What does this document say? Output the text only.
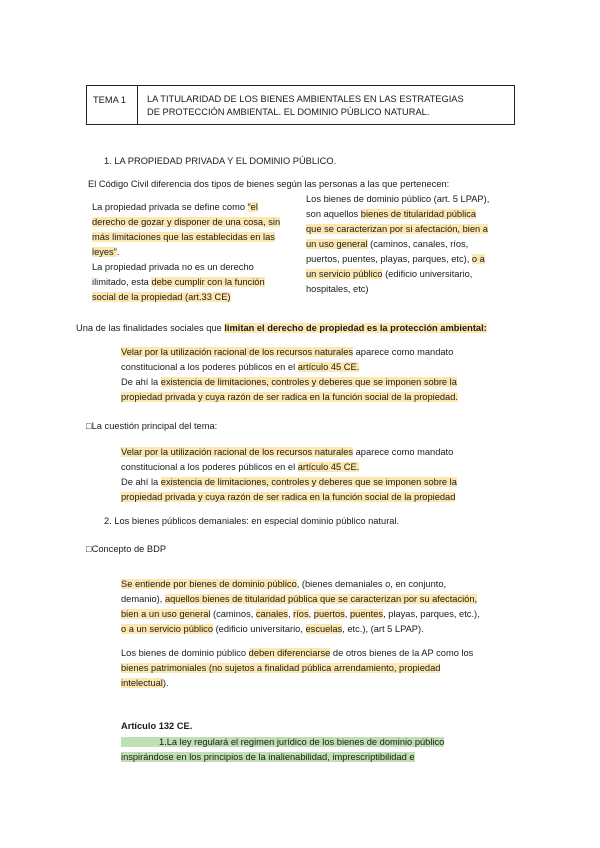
TEMA 1 LA TITULARIDAD DE LOS BIENES AMBIENTALES EN LAS ESTRATEGIAS
DE PROTECCIÓN AMBIENTAL. EL DOMINIO PÚBLICO NATURAL.
1. LA PROPIEDAD PRIVADA Y EL DOMINIO PÚBLICO.
El Código Civil diferencia dos tipos de bienes según las personas a las que pertenecen:
La propiedad privada se define como “el
derecho de gozar y disponer de una cosa, sin
más limitaciones que las establecidas en las
leyes”.
La propiedad privada no es un derecho
ilimitado, esta debe cumplir con la función
social de la propiedad (art.33 CE)
Los bienes de dominio público (art. 5 LPAP),
son aquellos bienes de titularidad pública
que se caracterizan por si afectación, bien a
un uso general (caminos, canales, ríos,
puertos, puentes, playas, parques, etc), o a
un servicio público (edificio universitario,
hospitales, etc)
Una de las finalidades sociales que limitan el derecho de propiedad es la protección ambiental:
Velar por la utilización racional de los recursos naturales aparece como mandato
constitucional a los poderes públicos en el artículo 45 CE.
De ahí la existencia de limitaciones, controles y deberes que se imponen sobre la
propiedad privada y cuya razón de ser radica en la función social de la propiedad.
□La cuestión principal del tema:
Velar por la utilización racional de los recursos naturales aparece como mandato
constitucional a los poderes públicos en el artículo 45 CE.
De ahí la existencia de limitaciones, controles y deberes que se imponen sobre la
propiedad privada y cuya razón de ser radica en la función social de la propiedad
2. Los bienes públicos demaniales: en especial dominio público natural.
□Concepto de BDP
Se entiende por bienes de dominio público, (bienes demaniales o, en conjunto,
demanio), aquellos bienes de titularidad pública que se caracterizan por su afectación,
bien a un uso general (caminos, canales, ríos, puertos, puentes, playas, parques, etc.),
o a un servicio público (edificio universitario, escuelas, etc.), (art 5 LPAP).
Los bienes de dominio público deben diferenciarse de otros bienes de la AP como los
bienes patrimoniales (no sujetos a finalidad pública arrendamiento, propiedad
intelectual).
Artículo 132 CE.
1.La ley regulará el regimen jurídico de los bienes de dominio público
inspirándose en los principios de la inalienabilidad, imprescriptibilidad e
